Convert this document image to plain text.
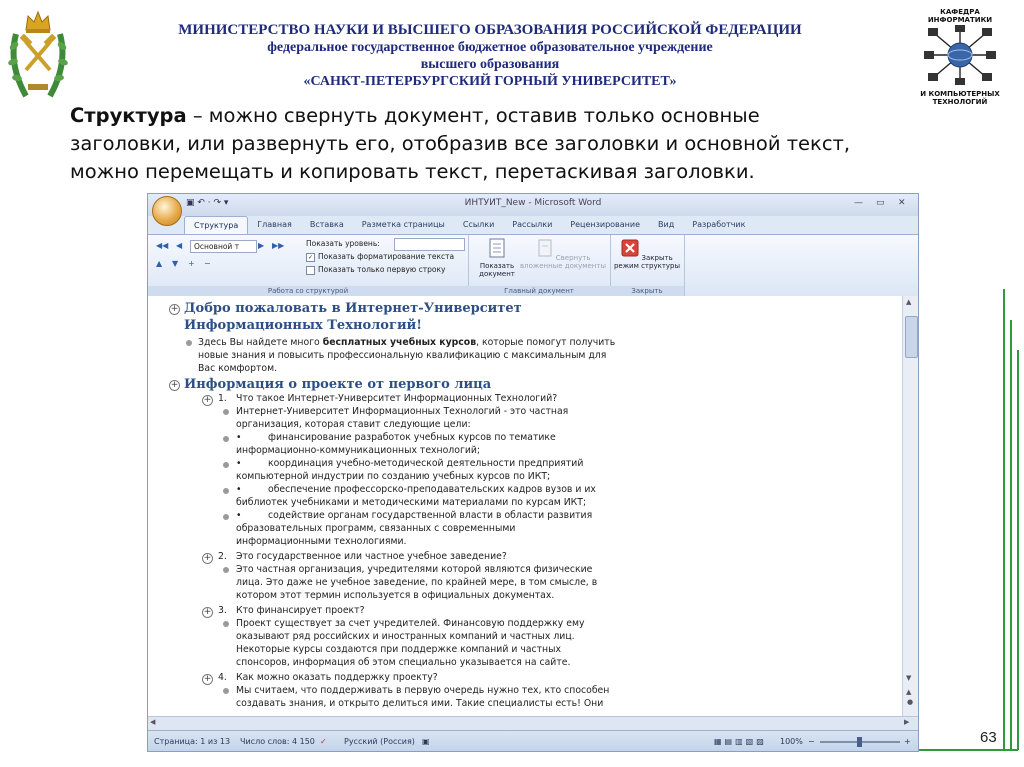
МИНИСТЕРСТВО НАУКИ И ВЫСШЕГО ОБРАЗОВАНИЯ РОССИЙСКОЙ ФЕДЕРАЦИИ
федеральное государственное бюджетное образовательное учреждение
высшего образования
«САНКТ-ПЕТЕРБУРГСКИЙ ГОРНЫЙ УНИВЕРСИТЕТ»
КАФЕДРА
ИНФОРМАТИКИ
И КОМПЬЮТЕРНЫХ
ТЕХНОЛОГИЙ
Структура – можно свернуть документ, оставив только основные
заголовки, или развернуть его, отобразив все заголовки и основной текст,
можно перемещать и копировать текст, перетаскивая заголовки.
63
▣ ↶ · ↷ ▾	ИНТУИТ_New - Microsoft Word	— ▭ ✕
Структура	Главная	Вставка	Разметка страницы	Ссылки	Рассылки	Рецензирование	Вид	Разработчик
◀◀ ◀	Основной т	▶ ▶▶
▲ ▼ + −
Показать уровень:
✓ Показать форматирование текста
Показать только первую строку
Работа со структурой
Показать документ
Свернуть вложенные документы
Главный документ
Закрыть режим структуры
Закрыть
+ Добро пожаловать в Интернет-Университет
Информационных Технологий!
Здесь Вы найдете много бесплатных учебных курсов, которые помогут получить
новые знания и повысить профессиональную квалификацию с максимальным для
Вас комфортом.
+ Информация о проекте от первого лица
+ 1. Что такое Интернет-Университет Информационных Технологий?
Интернет-Университет Информационных Технологий - это частная
организация, которая ставит следующие цели:
•	финансирование разработок учебных курсов по тематике
информационно-коммуникационных технологий;
•	координация учебно-методической деятельности предприятий
компьютерной индустрии по созданию учебных курсов по ИКТ;
•	обеспечение профессорско-преподавательских кадров вузов и их
библиотек учебниками и методическими материалами по курсам ИКТ;
•	содействие органам государственной власти в области развития
образовательных программ, связанных с современными
информационными технологиями.
+ 2. Это государственное или частное учебное заведение?
Это частная организация, учредителями которой являются физические
лица. Это даже не учебное заведение, по крайней мере, в том смысле, в
котором этот термин используется в официальных документах.
+ 3. Кто финансирует проект?
Проект существует за счет учредителей. Финансовую поддержку ему
оказывают ряд российских и иностранных компаний и частных лиц.
Некоторые курсы создаются при поддержке компаний и частных
спонсоров, информация об этом специально указывается на сайте.
+ 4. Как можно оказать поддержку проекту?
Мы считаем, что поддерживать в первую очередь нужно тех, кто способен
создавать знания, и открыто делиться ими. Такие специалисты есть! Они
▲
▼
▲
●
◀	▶
Страница: 1 из 13 Число слов: 4 150 ✓ Русский (Россия) ▣	▦▤▥▧▨ 100% −	+
